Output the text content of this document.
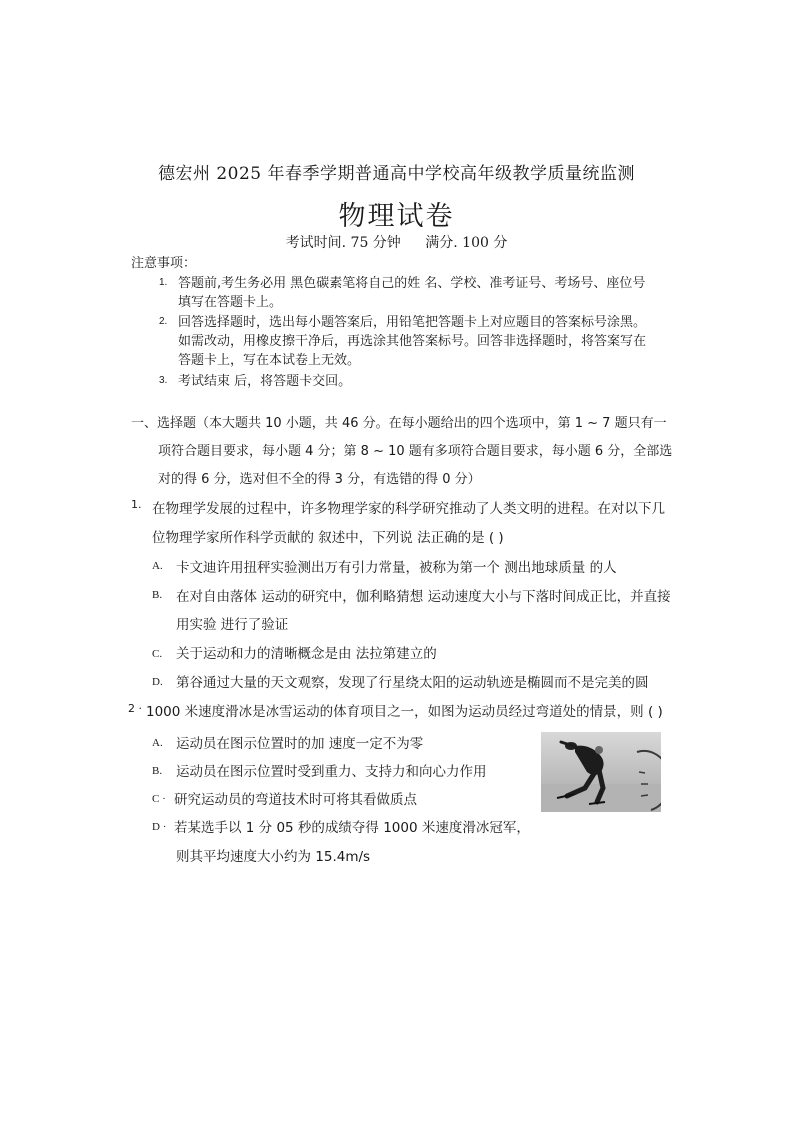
德宏州 2025 年春季学期普通高中学校高年级教学质量统监测
物理试卷
考试时间. 75 分钟 满分. 100 分
注意事项：
1. 答题前,考生务必用 黑色碳素笔将自己的姓 名、学校、准考证号、考场号、座位号
填写在答题卡上。
2. 回答选择题时，选出每小题答案后，用铅笔把答题卡上对应题目的答案标号涂黑。
如需改动，用橡皮擦干净后，再选涂其他答案标号。回答非选择题时，将答案写在
答题卡上，写在本试卷上无效。
3. 考试结束 后，将答题卡交回。
一、选择题（本大题共 10 小题，共 46 分。在每小题给出的四个选项中，第 1 ~ 7 题只有一
项符合题目要求，每小题 4 分；第 8 ~ 10 题有多项符合题目要求，每小题 6 分，全部选
对的得 6 分，选对但不全的得 3 分，有选错的得 0 分）
1. 在物理学发展的过程中，许多物理学家的科学研究推动了人类文明的进程。在对以下几
位物理学家所作科学贡献的 叙述中，下列说 法正确的是 ( )
A. 卡文迪许用扭秤实验测出万有引力常量，被称为第一个 测出地球质量 的人
B. 在对自由落体 运动的研究中，伽利略猜想 运动速度大小与下落时间成正比，并直接
用实验 进行了验证
C. 关于运动和力的清晰概念是由 法拉第建立的
D. 第谷通过大量的天文观察，发现了行星绕太阳的运动轨迹是椭圆而不是完美的圆
2 · 1000 米速度滑冰是冰雪运动的体育项目之一，如图为运动员经过弯道处的情景，则 ( )
A. 运动员在图示位置时的加 速度一定不为零
B. 运动员在图示位置时受到重力、支持力和向心力作用
C · 研究运动员的弯道技术时可将其看做质点
D · 若某选手以 1 分 05 秒的成绩夺得 1000 米速度滑冰冠军，
则其平均速度大小约为 15.4m/s
